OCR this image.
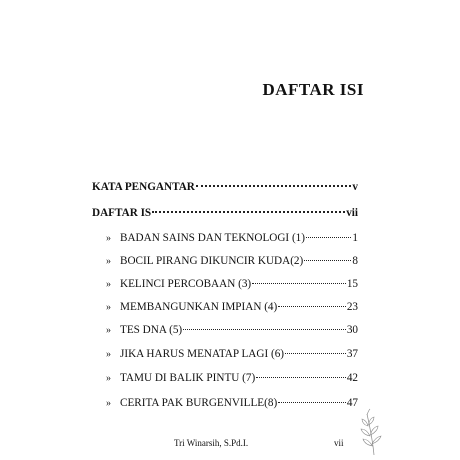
DAFTAR ISI
KATA PENGANTAR	v
DAFTAR IS	vii
» BADAN SAINS DAN TEKNOLOGI (1)	1
» BOCIL PIRANG DIKUNCIR KUDA(2)	8
» KELINCI PERCOBAAN (3)	15
» MEMBANGUNKAN IMPIAN (4)	23
» TES DNA (5)	30
» JIKA HARUS MENATAP LAGI (6)	37
» TAMU DI BALIK PINTU (7)	42
» CERITA PAK BURGENVILLE(8)	47
Tri Winarsih, S.Pd.I.	vii
